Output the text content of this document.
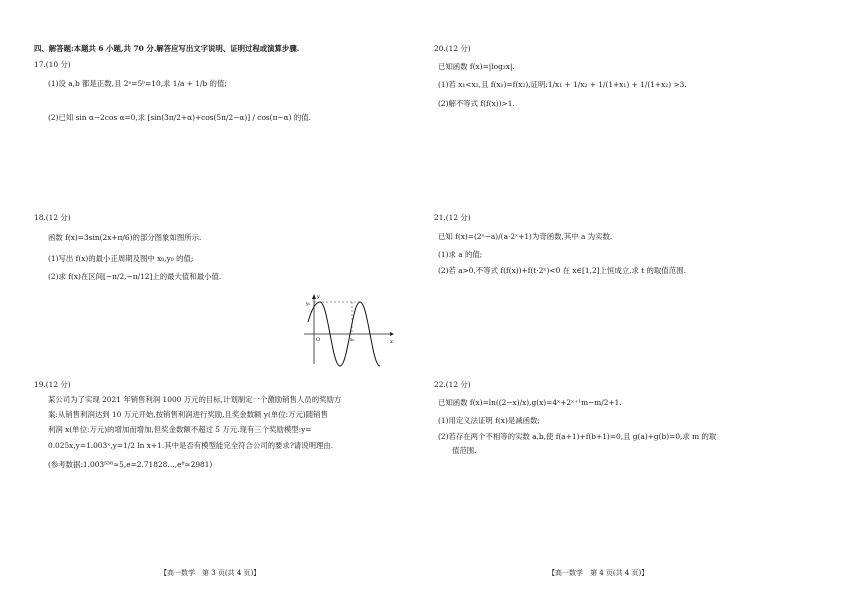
四、解答题:本题共 6 小题,共 70 分.解答应写出文字说明、证明过程或演算步骤.
17.(10 分)
(1)设 a,b 都是正数,且 2ᵃ=5ᵇ=10,求 1/a + 1/b 的值;
(2)已知 sin α−2cos α=0,求 [sin(3π/2+α)+cos(5π/2−α)] / cos(π−α) 的值.
18.(12 分)
函数 f(x)=3sin(2x+π/6)的部分图象如图所示.
(1)写出 f(x)的最小正周期及图中 x₀,y₀ 的值;
(2)求 f(x)在区间[−π/2,−π/12]上的最大值和最小值.
y
x
O
y₀
x₀
19.(12 分)
某公司为了实现 2021 年销售利润 1000 万元的目标,计划制定一个激励销售人员的奖励方
案:从销售利润达到 10 万元开始,按销售利润进行奖励,且奖金数额 y(单位:万元)随销售
利润 x(单位:万元)的增加而增加,但奖金数额不超过 5 万元.现有三个奖励模型:y=
0.025x,y=1.003ˣ,y=1/2 ln x+1.其中是否有模型能完全符合公司的要求?请说明理由.
(参考数据:1.003⁵³⁸≈5,e=2.71828…,e⁸≈2981)
【高一数学　第 3 页(共 4 页)】
20.(12 分)
已知函数 f(x)=|log₂x|.
(1)若 x₁<x₂,且 f(x₁)=f(x₂),证明:1/x₁ + 1/x₂ + 1/(1+x₁) + 1/(1+x₂) >3.
(2)解不等式 f(f(x))>1.
21.(12 分)
已知 f(x)=(2ˣ−a)/(a·2ˣ+1)为奇函数,其中 a 为实数.
(1)求 a 的值;
(2)若 a>0,不等式 f(f(x))+f(t·2ˣ)<0 在 x∈[1,2]上恒成立,求 t 的取值范围.
22.(12 分)
已知函数 f(x)=ln((2−x)/x),g(x)=4ˣ+2ˣ⁺¹m−m/2+1.
(1)用定义法证明 f(x)是减函数;
(2)若存在两个不相等的实数 a,b,使 f(a+1)+f(b+1)=0,且 g(a)+g(b)=0,求 m 的取
值范围.
【高一数学　第 4 页(共 4 页)】
